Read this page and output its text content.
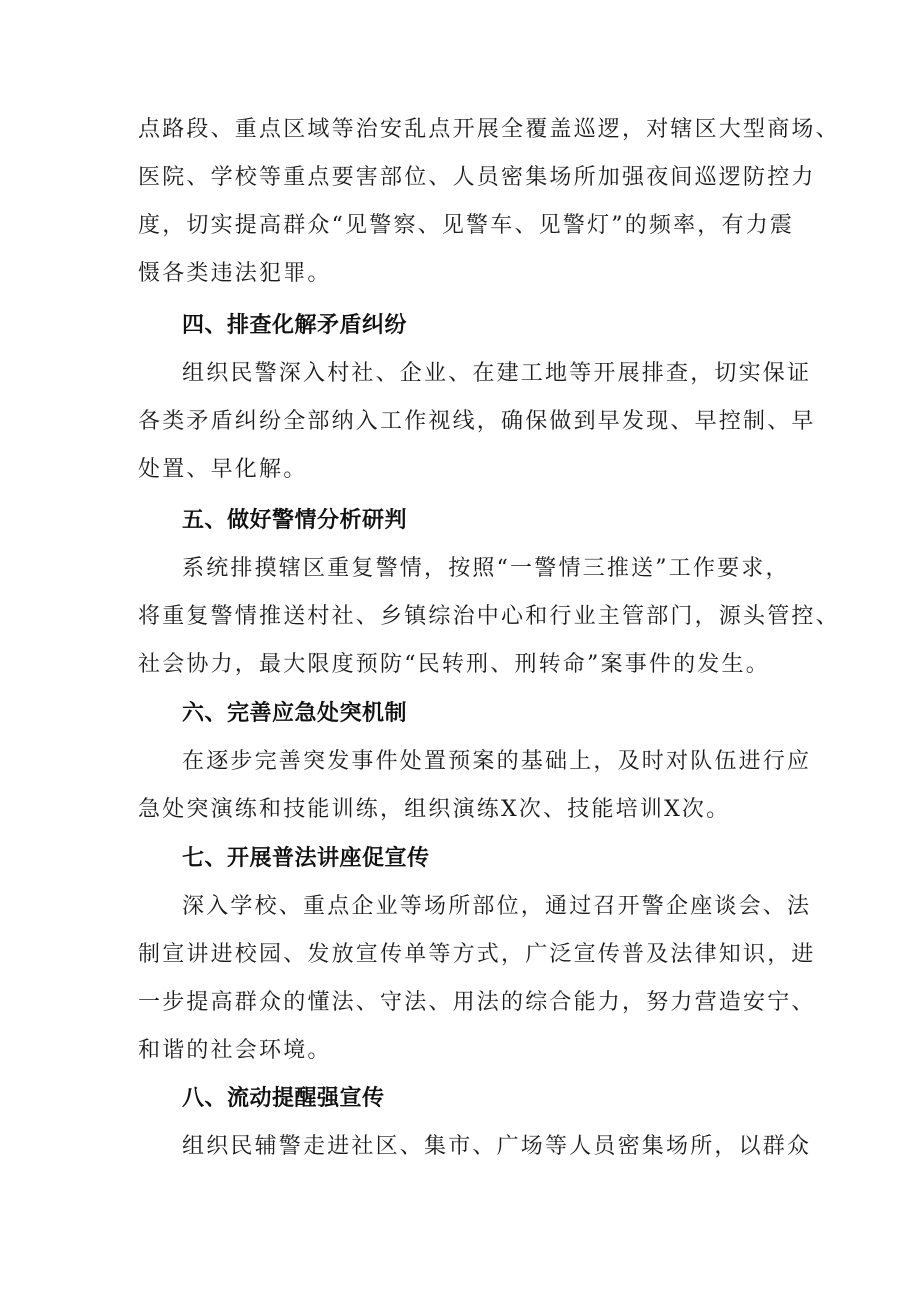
点路段、重点区域等治安乱点开展全覆盖巡逻，对辖区大型商场、
医院、学校等重点要害部位、人员密集场所加强夜间巡逻防控力
度，切实提高群众“见警察、见警车、见警灯”的频率，有力震
慑各类违法犯罪。
四、排查化解矛盾纠纷
组织民警深入村社、企业、在建工地等开展排查，切实保证
各类矛盾纠纷全部纳入工作视线，确保做到早发现、早控制、早
处置、早化解。
五、做好警情分析研判
系统排摸辖区重复警情，按照“一警情三推送”工作要求，
将重复警情推送村社、乡镇综治中心和行业主管部门，源头管控、
社会协力，最大限度预防“民转刑、刑转命”案事件的发生。
六、完善应急处突机制
在逐步完善突发事件处置预案的基础上，及时对队伍进行应
急处突演练和技能训练，组织演练X次、技能培训X次。
七、开展普法讲座促宣传
深入学校、重点企业等场所部位，通过召开警企座谈会、法
制宣讲进校园、发放宣传单等方式，广泛宣传普及法律知识，进
一步提高群众的懂法、守法、用法的综合能力，努力营造安宁、
和谐的社会环境。
八、流动提醒强宣传
组织民辅警走进社区、集市、广场等人员密集场所，以群众
